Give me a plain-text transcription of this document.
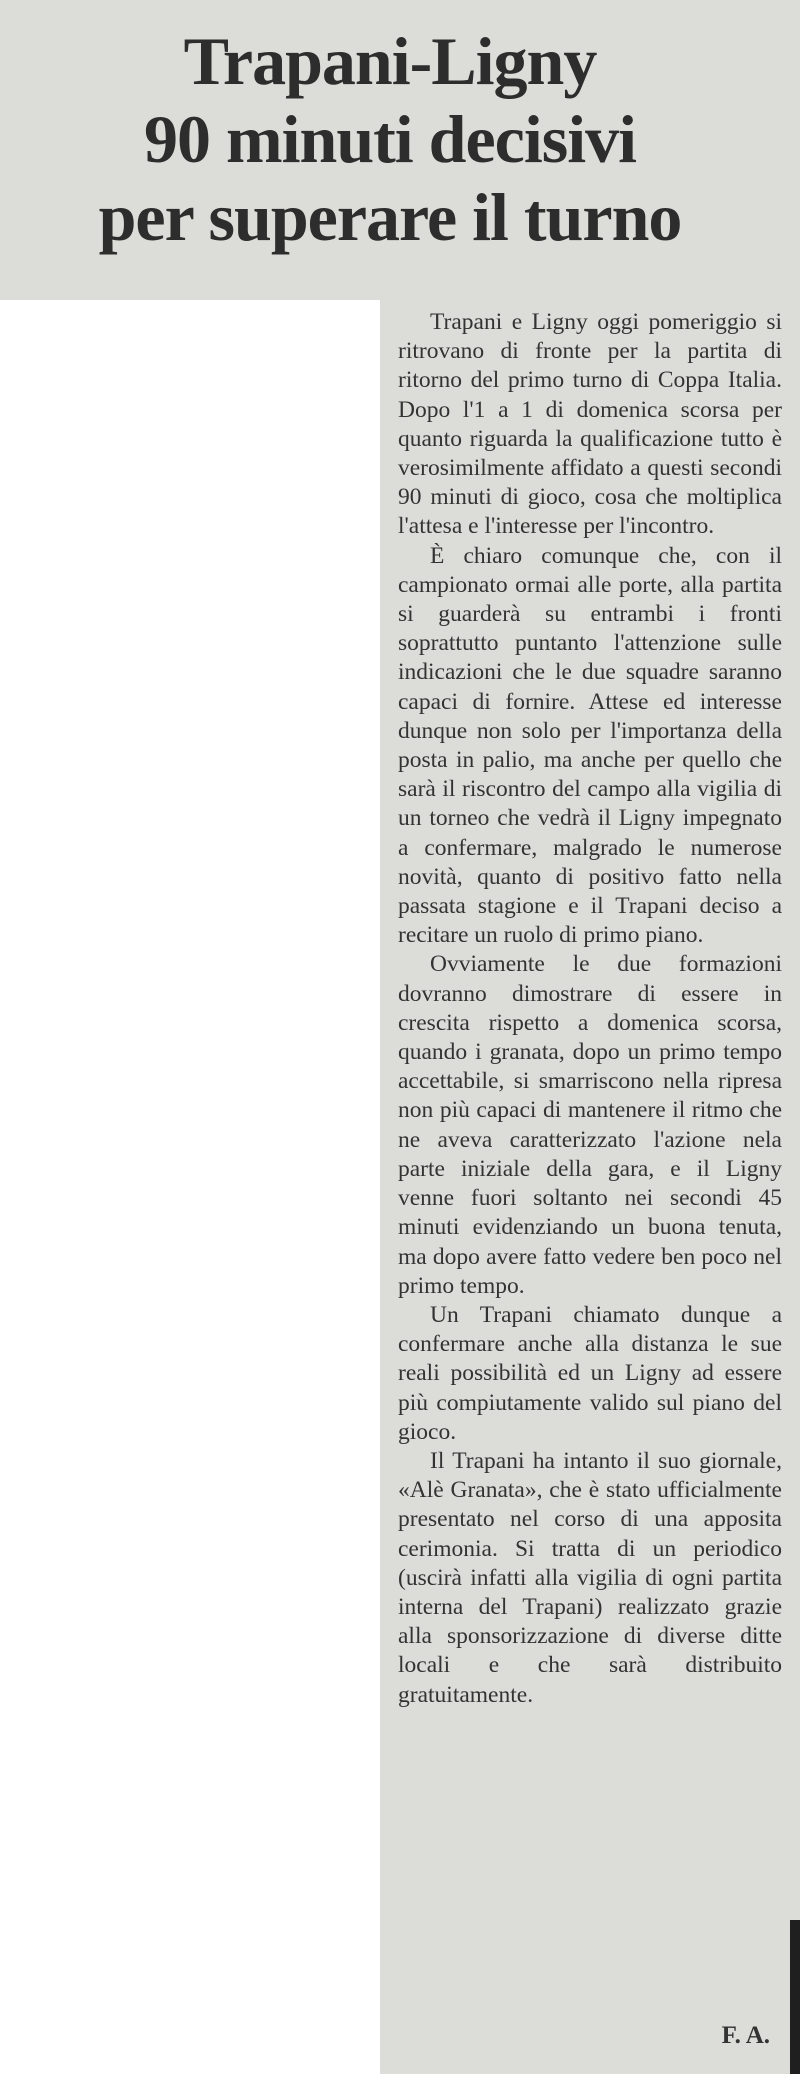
Trapani-Ligny
90 minuti decisivi
per superare il turno

Trapani e Ligny oggi pomeriggio si ritrovano di fronte per la partita di ritorno del primo turno di Coppa Italia. Dopo l'1 a 1 di domenica scorsa per quanto riguarda la qualificazione tutto è verosimilmente affidato a questi secondi 90 minuti di gioco, cosa che moltiplica l'attesa e l'interesse per l'incontro.

È chiaro comunque che, con il campionato ormai alle porte, alla partita si guarderà su entrambi i fronti soprattutto puntanto l'attenzione sulle indicazioni che le due squadre saranno capaci di fornire. Attese ed interesse dunque non solo per l'importanza della posta in palio, ma anche per quello che sarà il riscontro del campo alla vigilia di un torneo che vedrà il Ligny impegnato a confermare, malgrado le numerose novità, quanto di positivo fatto nella passata stagione e il Trapani deciso a recitare un ruolo di primo piano.

Ovviamente le due formazioni dovranno dimostrare di essere in crescita rispetto a domenica scorsa, quando i granata, dopo un primo tempo accettabile, si smarriscono nella ripresa non più capaci di mantenere il ritmo che ne aveva caratterizzato l'azione nela parte iniziale della gara, e il Ligny venne fuori soltanto nei secondi 45 minuti evidenziando un buona tenuta, ma dopo avere fatto vedere ben poco nel primo tempo.

Un Trapani chiamato dunque a confermare anche alla distanza le sue reali possibilità ed un Ligny ad essere più compiutamente valido sul piano del gioco.

Il Trapani ha intanto il suo giornale, «Alè Granata», che è stato ufficialmente presentato nel corso di una apposita cerimonia. Si tratta di un periodico (uscirà infatti alla vigilia di ogni partita interna del Trapani) realizzato grazie alla sponsorizzazione di diverse ditte locali e che sarà distribuito gratuitamente.

F. A.
